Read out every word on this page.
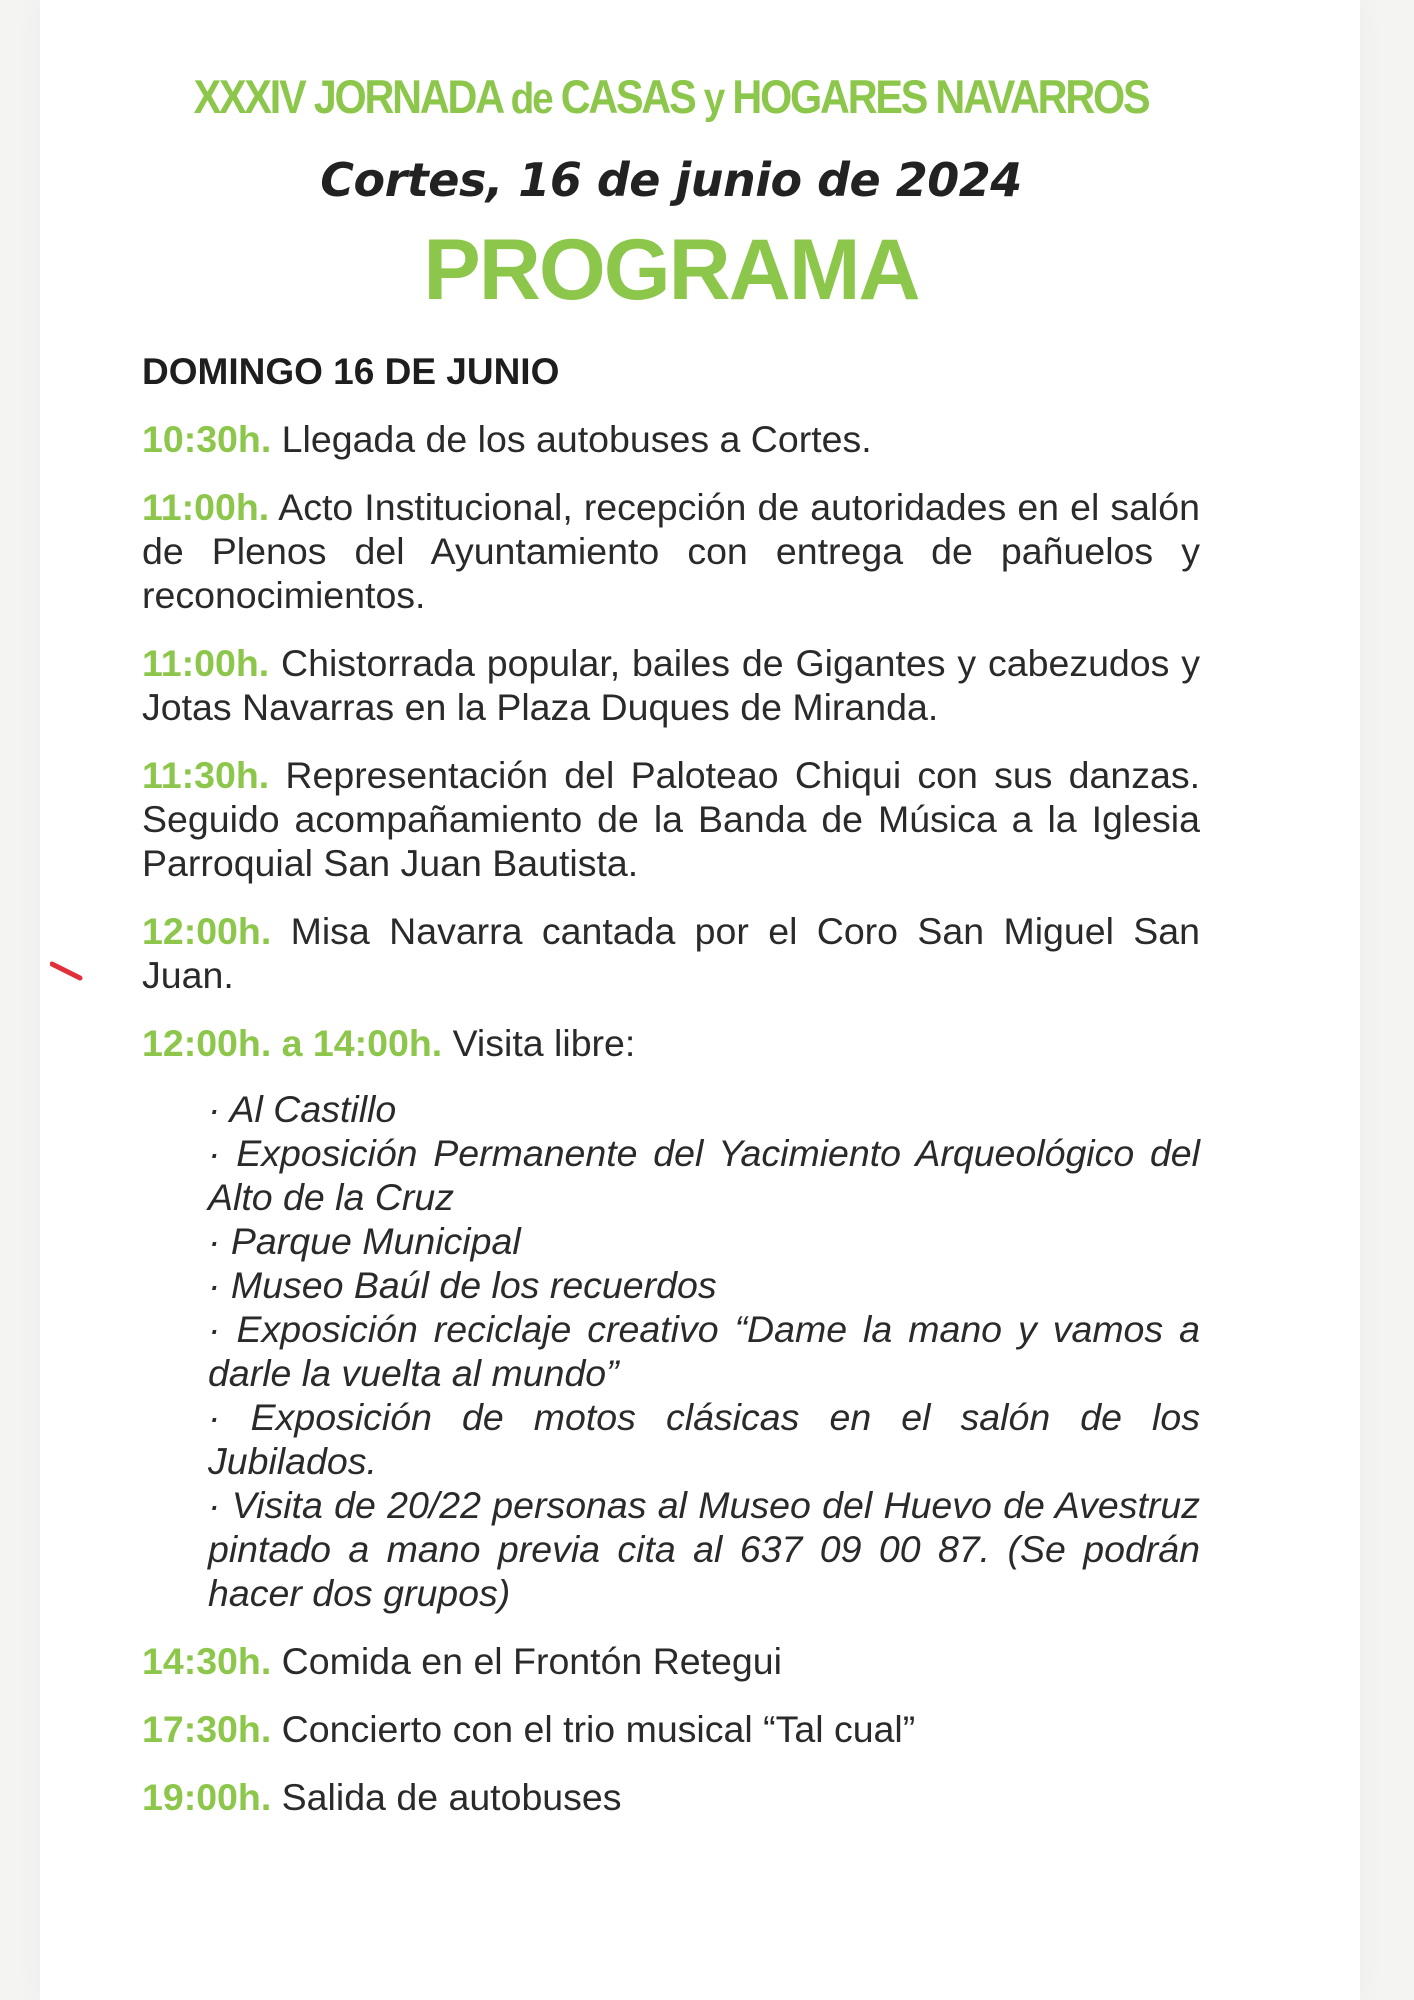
XXXIV JORNADA de CASAS y HOGARES NAVARROS
Cortes, 16 de junio de 2024
PROGRAMA
DOMINGO 16 DE JUNIO
10:30h. Llegada de los autobuses a Cortes.
11:00h. Acto Institucional, recepción de autoridades en el salón de Plenos del Ayuntamiento con entrega de pañuelos y reconocimientos.
11:00h. Chistorrada popular, bailes de Gigantes y cabezudos y Jotas Navarras en la Plaza Duques de Miranda.
11:30h. Representación del Paloteao Chiqui con sus danzas. Seguido acompañamiento de la Banda de Música a la Iglesia Parroquial San Juan Bautista.
12:00h. Misa Navarra cantada por el Coro San Miguel San Juan.
12:00h. a 14:00h. Visita libre:

· Al Castillo

· Exposición Permanente del Yacimiento Arqueológico del Alto de la Cruz

· Parque Municipal

· Museo Baúl de los recuerdos

· Exposición reciclaje creativo “Dame la mano y vamos a darle la vuelta al mundo”

· Exposición de motos clásicas en el salón de los Jubilados.

· Visita de 20/22 personas al Museo del Huevo de Avestruz pintado a mano previa cita al 637 09 00 87. (Se podrán hacer dos grupos)

14:30h. Comida en el Frontón Retegui
17:30h. Concierto con el trio musical “Tal cual”
19:00h. Salida de autobuses
